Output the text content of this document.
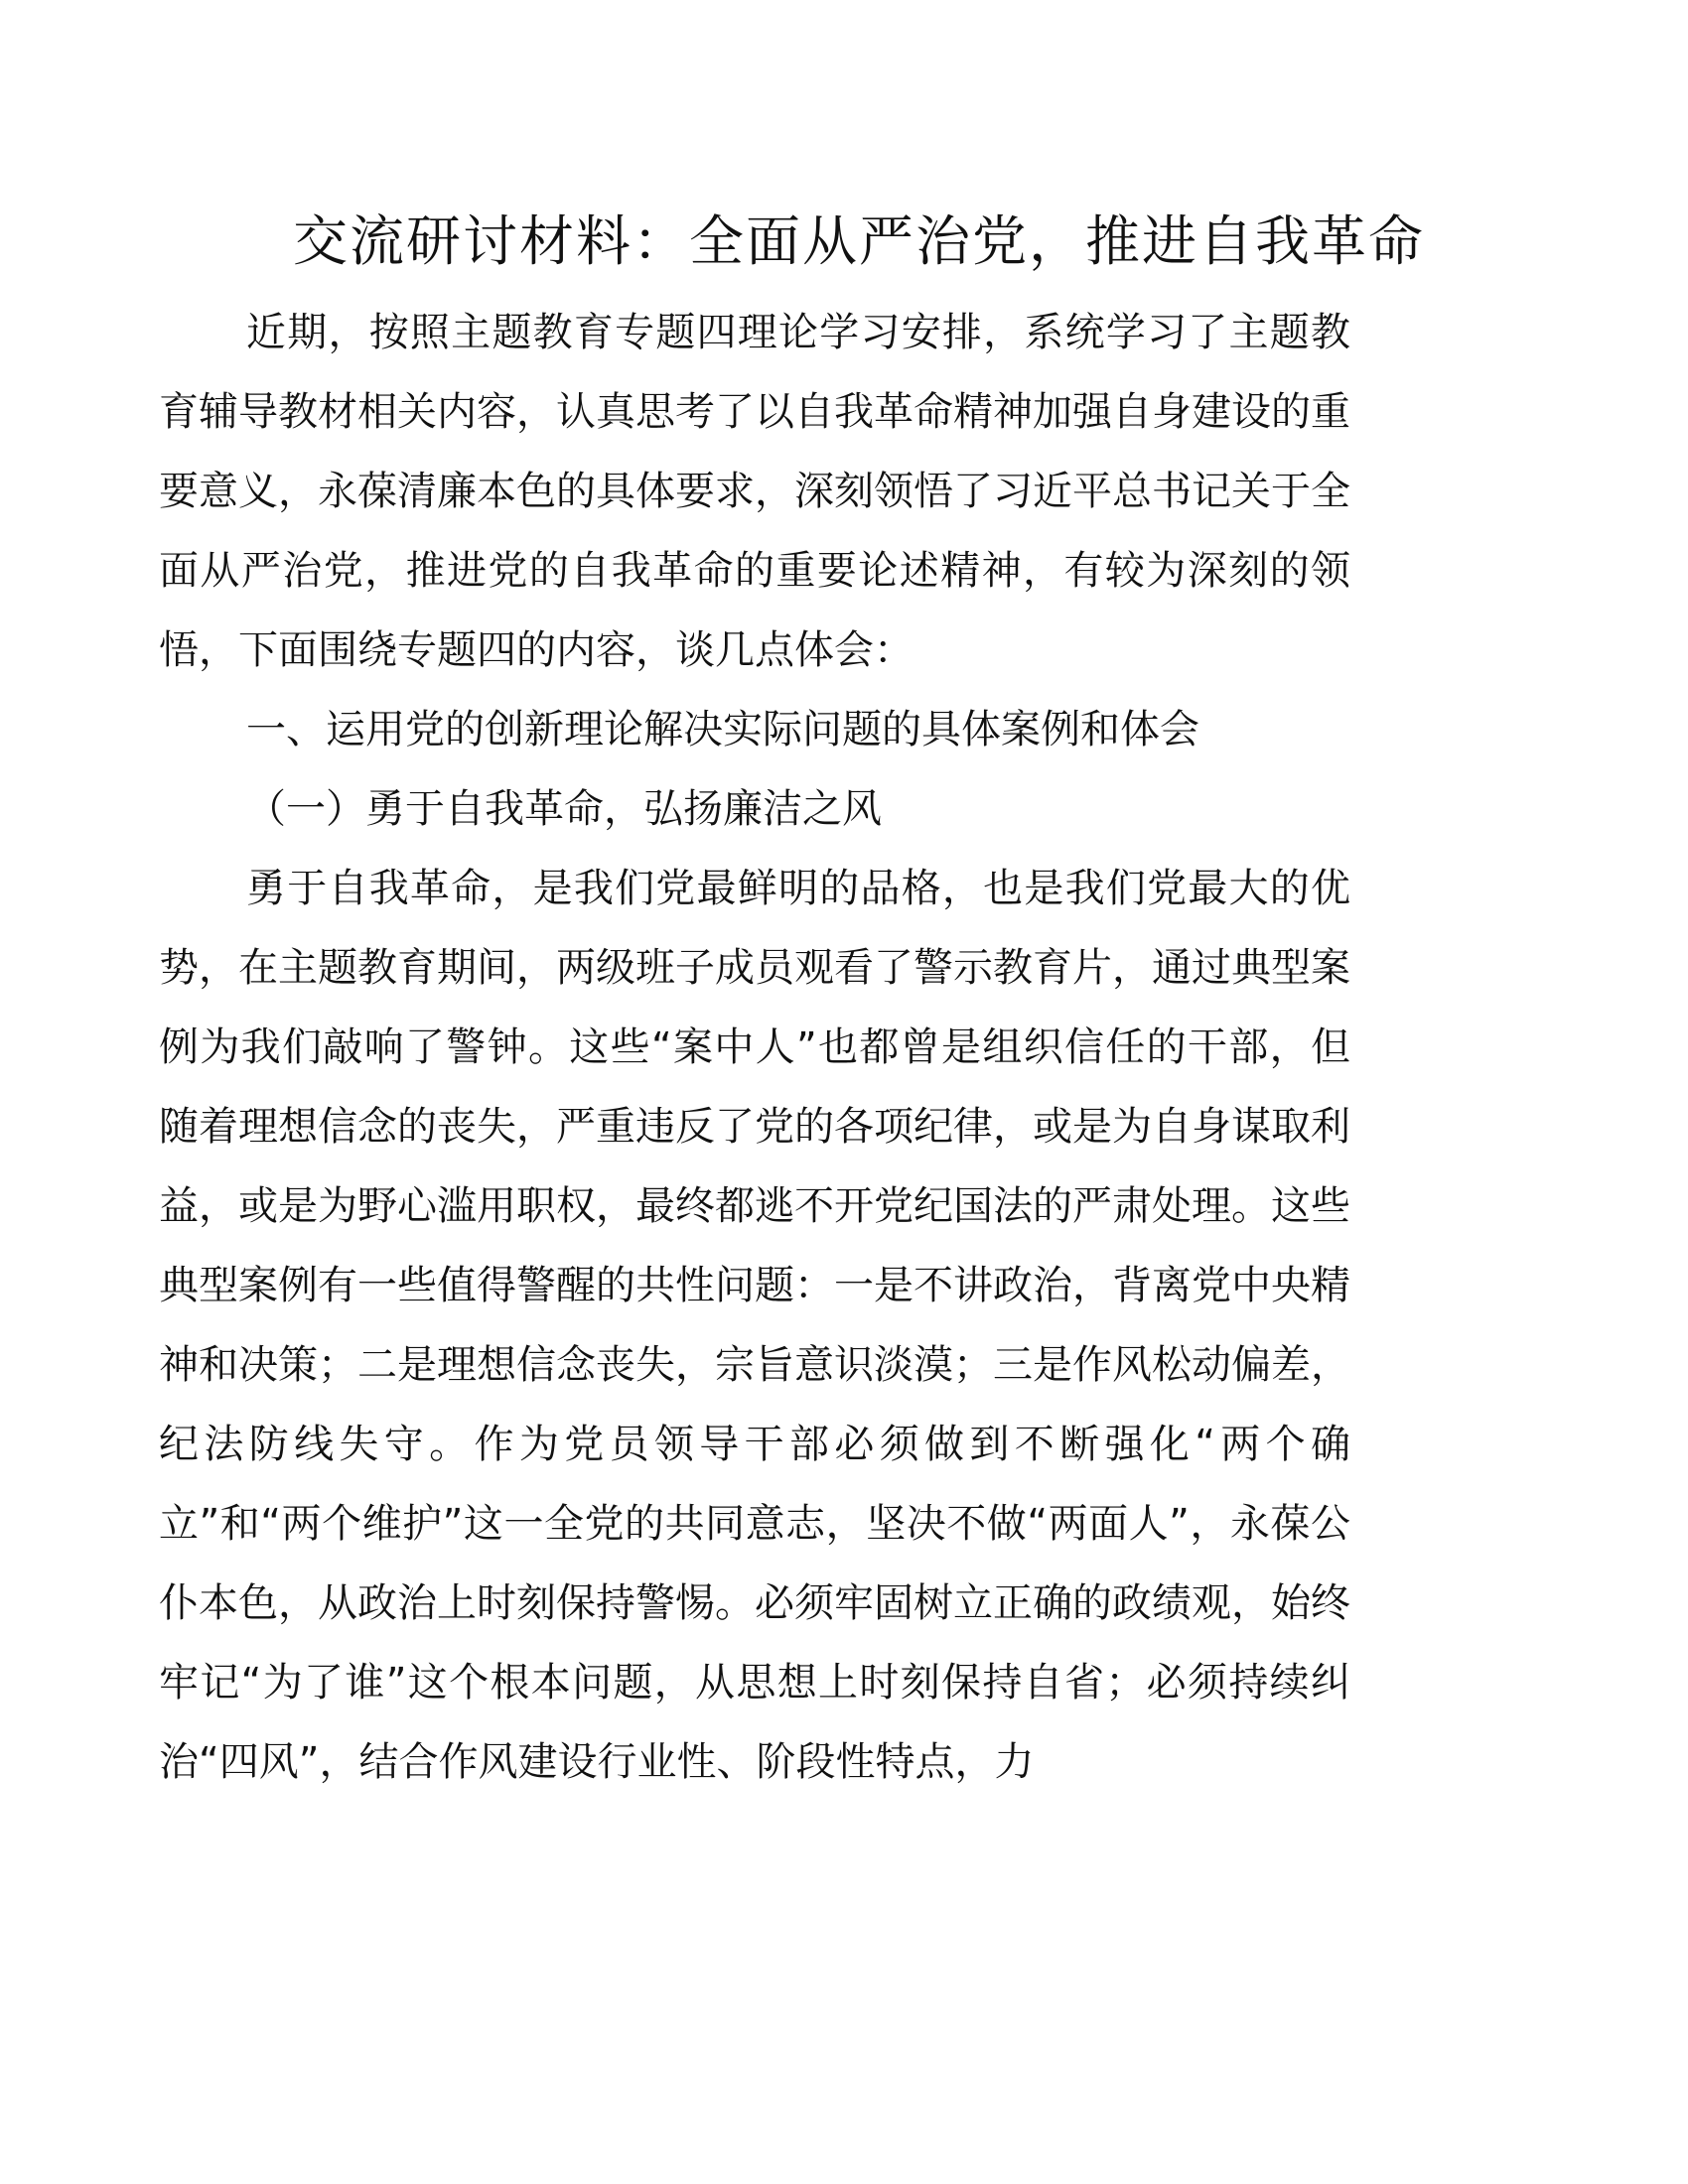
交流研讨材料：全面从严治党，推进自我革命

近期，按照主题教育专题四理论学习安排，系统学习了主题教育辅导教材相关内容，认真思考了以自我革命精神加强自身建设的重要意义，永葆清廉本色的具体要求，深刻领悟了习近平总书记关于全面从严治党，推进党的自我革命的重要论述精神，有较为深刻的领悟，下面围绕专题四的内容，谈几点体会：

一、运用党的创新理论解决实际问题的具体案例和体会

（一）勇于自我革命，弘扬廉洁之风

勇于自我革命，是我们党最鲜明的品格，也是我们党最大的优势，在主题教育期间，两级班子成员观看了警示教育片，通过典型案例为我们敲响了警钟。这些“案中人”也都曾是组织信任的干部，但随着理想信念的丧失，严重违反了党的各项纪律，或是为自身谋取利益，或是为野心滥用职权，最终都逃不开党纪国法的严肃处理。这些典型案例有一些值得警醒的共性问题：一是不讲政治，背离党中央精神和决策；二是理想信念丧失，宗旨意识淡漠；三是作风松动偏差，纪法防线失守。作为党员领导干部必须做到不断强化“两个确立”和“两个维护”这一全党的共同意志，坚决不做“两面人”，永葆公仆本色，从政治上时刻保持警惕。必须牢固树立正确的政绩观，始终牢记“为了谁”这个根本问题，从思想上时刻保持自省；必须持续纠治“四风”，结合作风建设行业性、阶段性特点，力
